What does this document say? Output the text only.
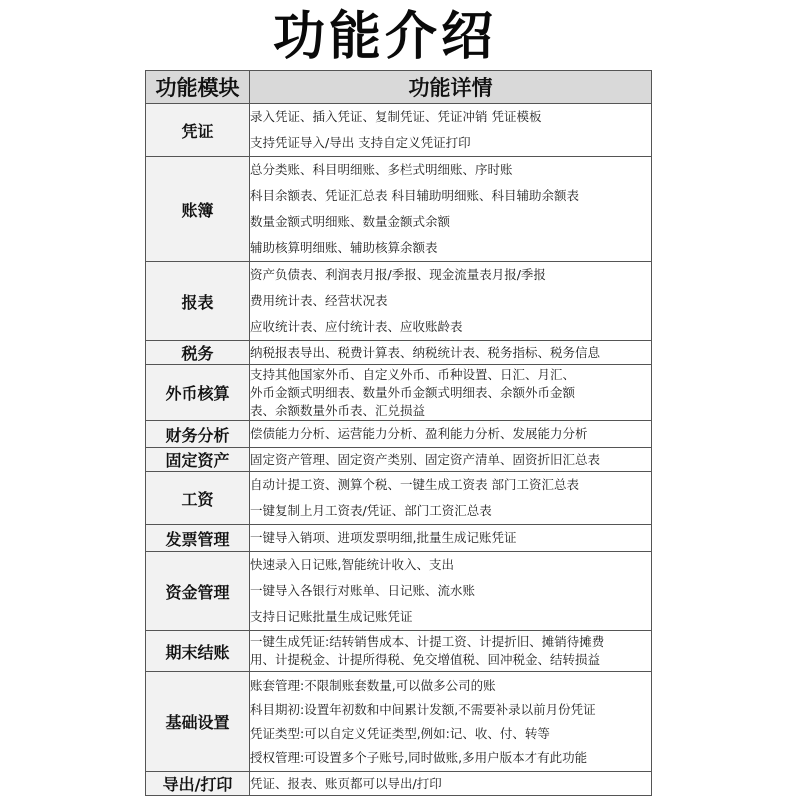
功能介绍
功能模块	功能详情
凭证	录入凭证、插入凭证、复制凭证、凭证冲销 凭证模板
支持凭证导入/导出 支持自定义凭证打印

账簿	总分类账、科目明细账、多栏式明细账、序时账
科目余额表、凭证汇总表 科目辅助明细账、科目辅助余额表
数量金额式明细账、数量金额式余额
辅助核算明细账、辅助核算余额表

报表	资产负债表、利润表月报/季报、现金流量表月报/季报
费用统计表、经营状况表
应收统计表、应付统计表、应收账龄表

税务	纳税报表导出、税费计算表、纳税统计表、税务指标、税务信息

外币核算	支持其他国家外币、自定义外币、币种设置、日汇、月汇、
外币金额式明细表、数量外币金额式明细表、余额外币金额
表、余额数量外币表、汇兑损益

财务分析	偿债能力分析、运营能力分析、盈利能力分析、发展能力分析

固定资产	固定资产管理、固定资产类别、固定资产清单、固资折旧汇总表

工资	自动计提工资、测算个税、一键生成工资表 部门工资汇总表
一键复制上月工资表/凭证、部门工资汇总表

发票管理	一键导入销项、进项发票明细,批量生成记账凭证

资金管理	快速录入日记账,智能统计收入、支出
一键导入各银行对账单、日记账、流水账
支持日记账批量生成记账凭证

期末结账	一键生成凭证:结转销售成本、计提工资、计提折旧、摊销待摊费
用、计提税金、计提所得税、免交增值税、回冲税金、结转损益

基础设置	账套管理:不限制账套数量,可以做多公司的账
科目期初:设置年初数和中间累计发额,不需要补录以前月份凭证
凭证类型:可以自定义凭证类型,例如:记、收、付、转等
授权管理:可设置多个子账号,同时做账,多用户版本才有此功能

导出/打印	凭证、报表、账页都可以导出/打印
